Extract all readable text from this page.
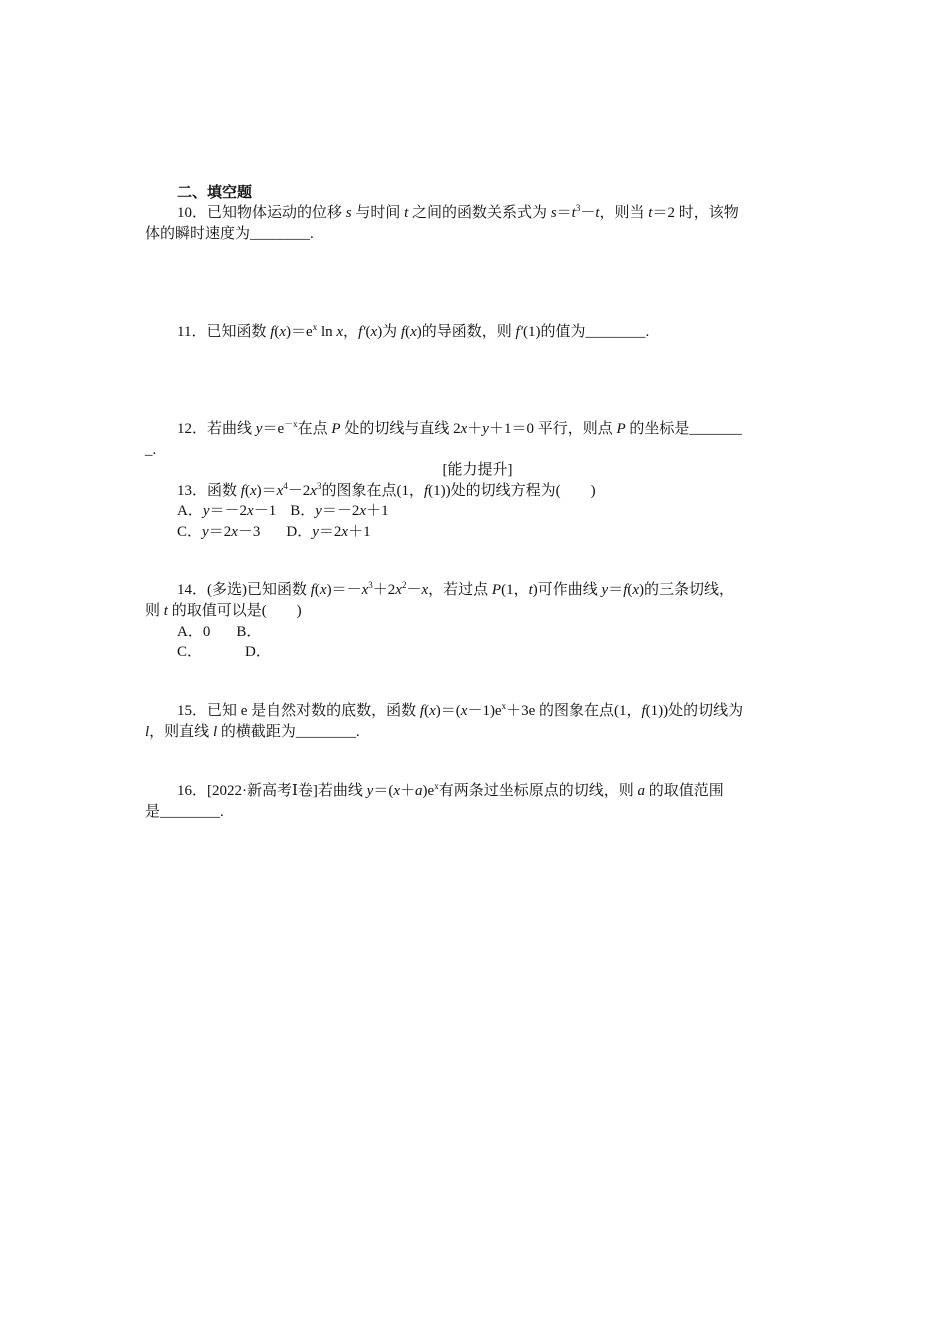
二、填空题
10．已知物体运动的位移 s 与时间 t 之间的函数关系式为 $s=t^3-t$，则当 t＝2 时，该物
体的瞬时速度为________.
11．已知函数 $f(x)=e^x$ ln x，f′(x)为 f(x)的导函数，则 f′(1)的值为________.
12．若曲线 $y=e^{-x}$在点 P 处的切线与直线 2x＋y＋1＝0 平行，则点 P 的坐标是_______
_.
[能力提升]
13．函数 $f(x)=x^4-2x^3$的图象在点(1，f(1))处的切线方程为(　　)
A．y＝－2x－1 B．y＝－2x＋1
C．y＝2x－3 D．y＝2x＋1
14．(多选)已知函数 $f(x)=-x^3+2x^2-x$，若过点 P(1，t)可作曲线 y＝f(x)的三条切线，
则 t 的取值可以是(　　)
A．0 B．
C．	D．
15．已知 e 是自然对数的底数，函数 $f(x)=(x-1)e^x+3e$ 的图象在点(1，f(1))处的切线为
l，则直线 l 的横截距为________.
16．[2022·新高考Ⅰ卷]若曲线 $y=(x+a)e^x$有两条过坐标原点的切线，则 a 的取值范围
是________.
